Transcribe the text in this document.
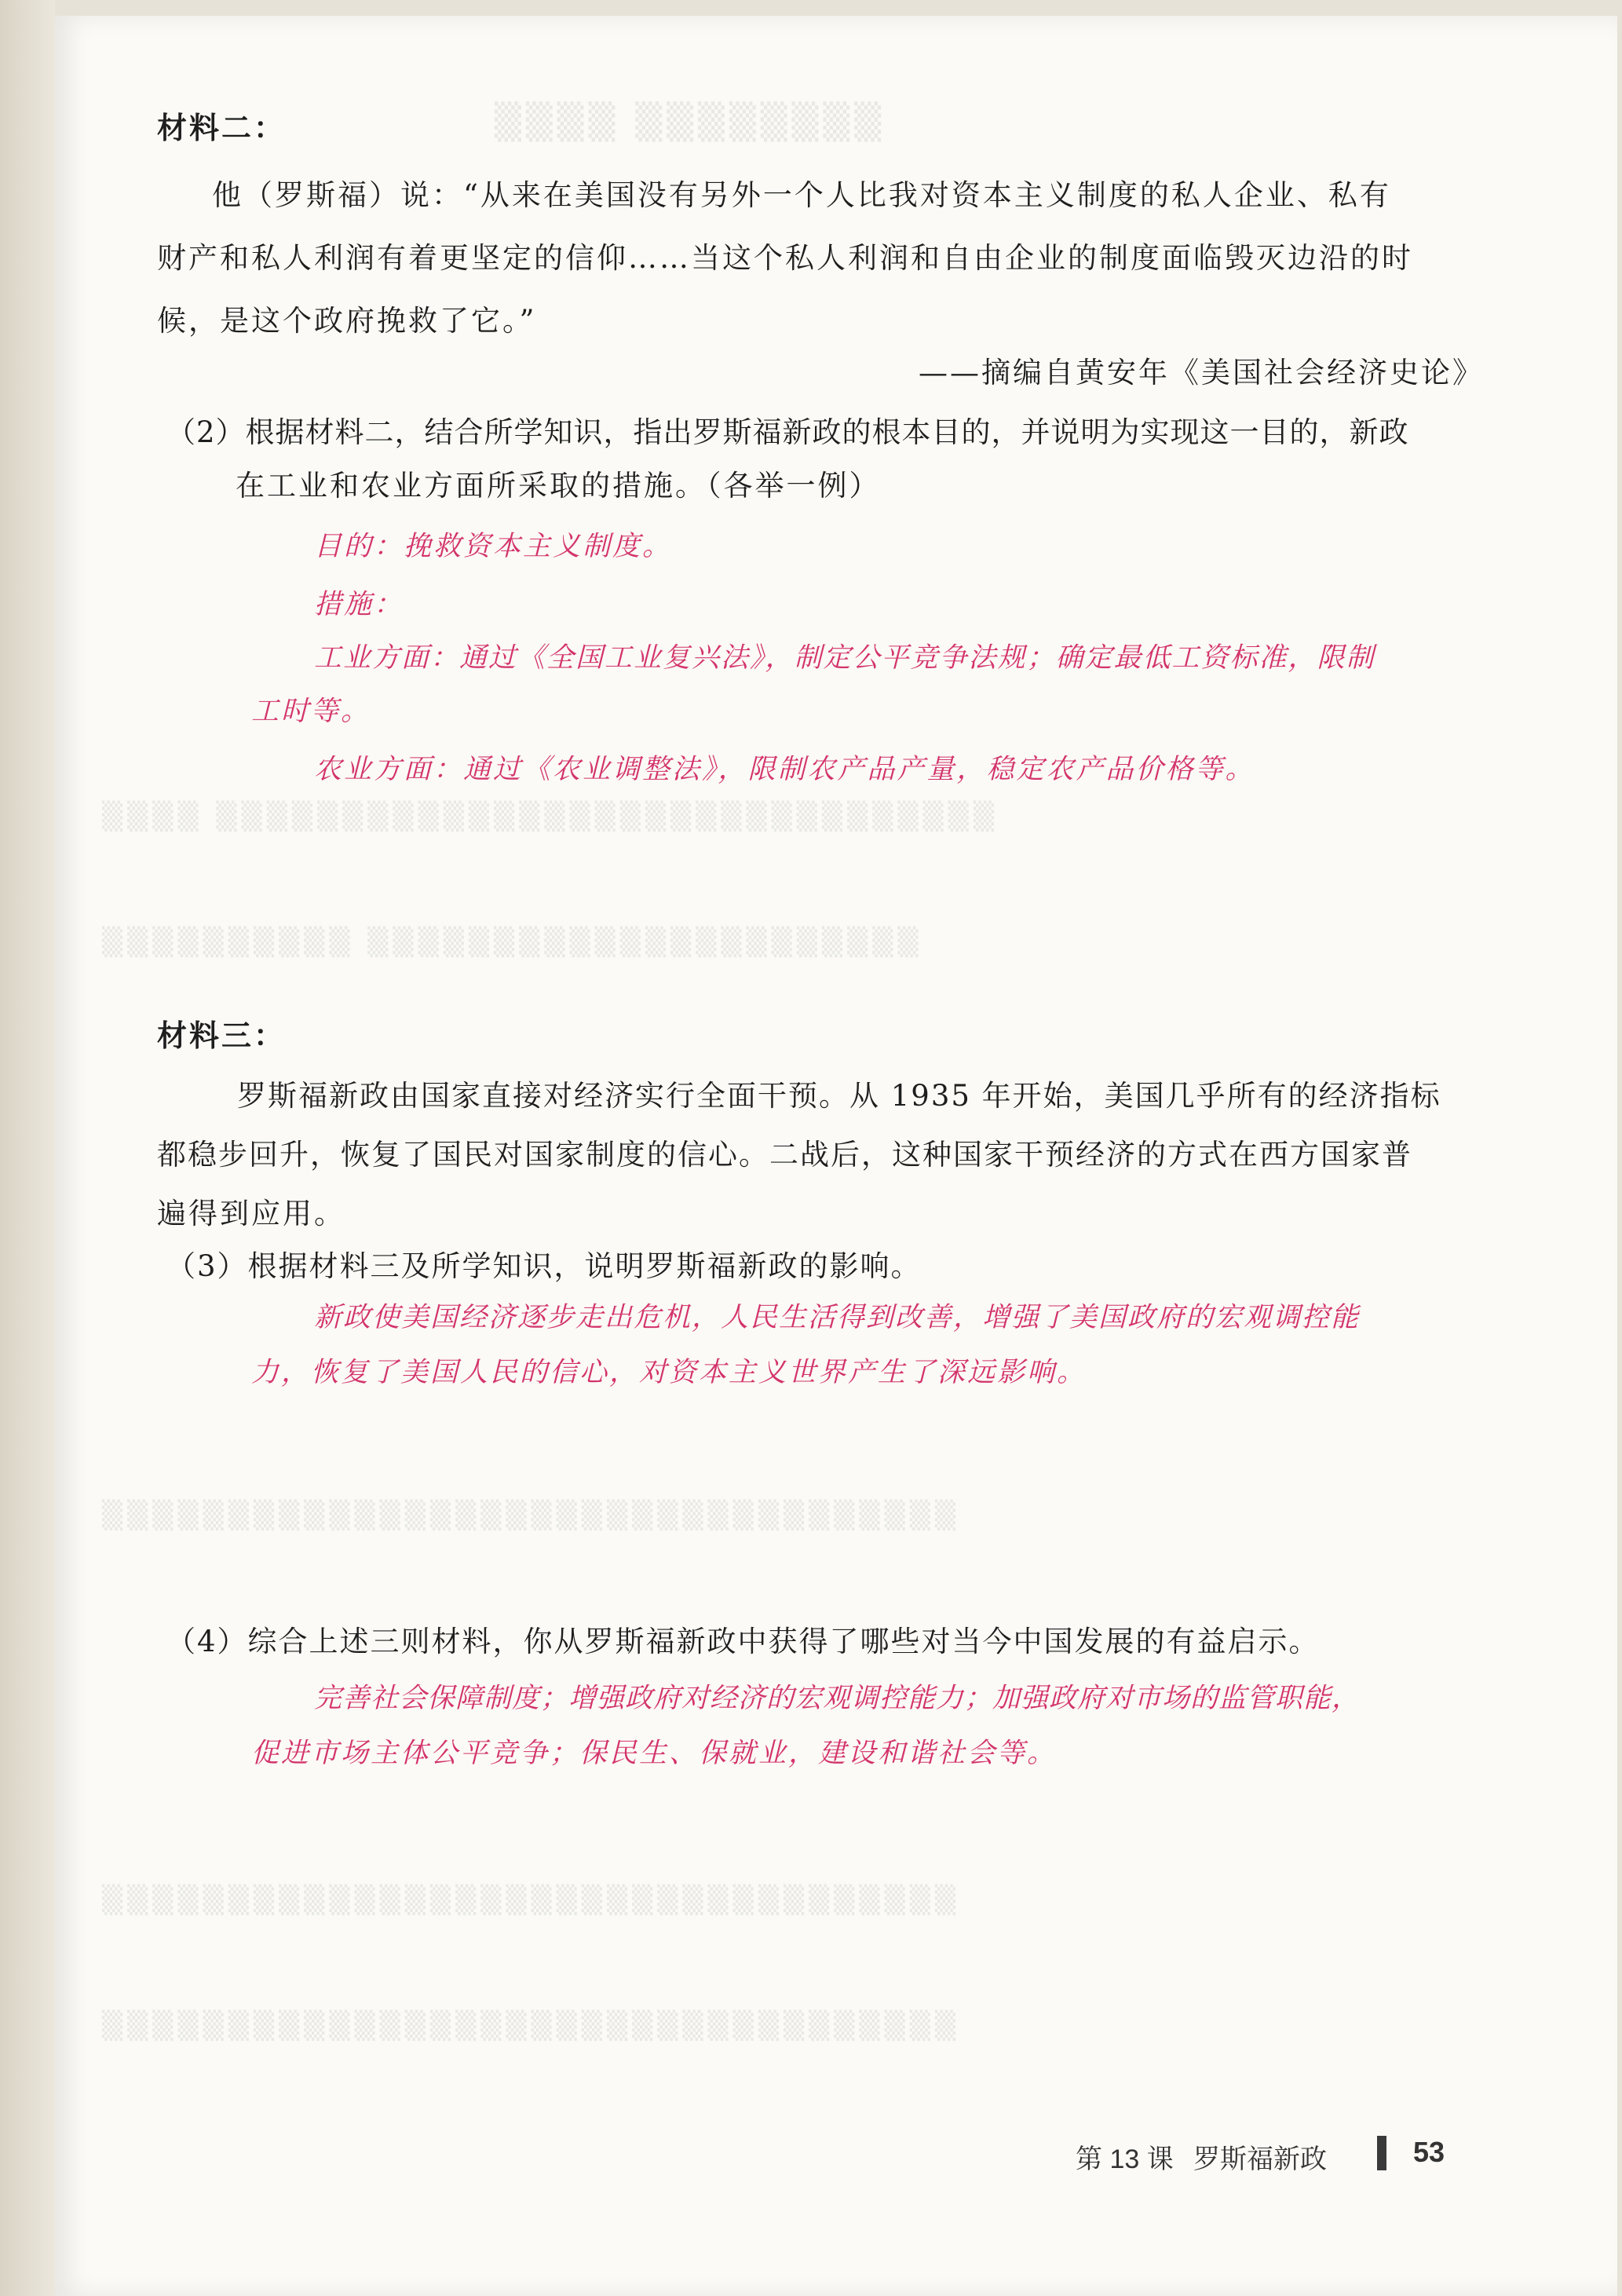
▒▒▒▒ ▒▒▒▒▒▒▒▒
▒▒▒▒ ▒▒▒▒▒▒▒▒▒▒▒▒▒▒▒▒▒▒▒▒▒▒▒▒▒▒▒▒▒▒▒
▒▒▒▒▒▒▒▒▒▒ ▒▒▒▒▒▒▒▒▒▒▒▒▒▒▒▒▒▒▒▒▒▒
▒▒▒▒▒▒▒▒▒▒▒▒▒▒▒▒▒▒▒▒▒▒▒▒▒▒▒▒▒▒▒▒▒▒
▒▒▒▒▒▒▒▒▒▒▒▒▒▒▒▒▒▒▒▒▒▒▒▒▒▒▒▒▒▒▒▒▒▒
▒▒▒▒▒▒▒▒▒▒▒▒▒▒▒▒▒▒▒▒▒▒▒▒▒▒▒▒▒▒▒▒▒▒
材料二：
他（罗斯福）说：“从来在美国没有另外一个人比我对资本主义制度的私人企业、私有
财产和私人利润有着更坚定的信仰……当这个私人利润和自由企业的制度面临毁灭边沿的时
候，是这个政府挽救了它。”
——摘编自黄安年《美国社会经济史论》
（2）根据材料二，结合所学知识，指出罗斯福新政的根本目的，并说明为实现这一目的，新政
在工业和农业方面所采取的措施。（各举一例）
目的：挽救资本主义制度。
措施：
工业方面：通过《全国工业复兴法》，制定公平竞争法规；确定最低工资标准，限制
工时等。
农业方面：通过《农业调整法》，限制农产品产量，稳定农产品价格等。
材料三：
罗斯福新政由国家直接对经济实行全面干预。从 1935 年开始，美国几乎所有的经济指标
都稳步回升，恢复了国民对国家制度的信心。二战后，这种国家干预经济的方式在西方国家普
遍得到应用。
（3）根据材料三及所学知识，说明罗斯福新政的影响。
新政使美国经济逐步走出危机，人民生活得到改善，增强了美国政府的宏观调控能
力，恢复了美国人民的信心，对资本主义世界产生了深远影响。
（4）综合上述三则材料，你从罗斯福新政中获得了哪些对当今中国发展的有益启示。
完善社会保障制度；增强政府对经济的宏观调控能力；加强政府对市场的监管职能，
促进市场主体公平竞争；保民生、保就业，建设和谐社会等。
第 13 课 罗斯福新政	53
